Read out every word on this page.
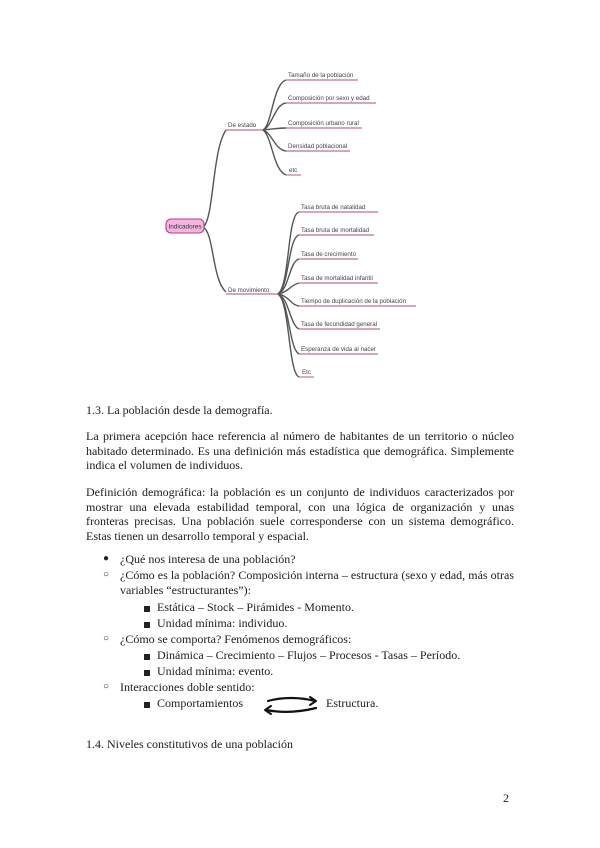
Indicadores
De estado
De movimiento
Tamaño de la población
Composición por sexo y edad
Composición urbano rural
Densidad poblacional
etc
Tasa bruta de natalidad
Tasa bruta de mortalidad
Tasa de crecimiento
Tasa de mortalidad infantil
Tiempo de duplicación de la población
Tasa de fecundidad general
Esperanza de vida al nacer
Etc
1.3. La población desde la demografía.
La primera acepción hace referencia al número de habitantes de un territorio o núcleo habitado determinado. Es una definición más estadística que demográfica. Simplemente indica el volumen de individuos.
Definición demográfica: la población es un conjunto de individuos caracterizados por mostrar una elevada estabilidad temporal, con una lógica de organización y unas fronteras precisas. Una población suele corresponderse con un sistema demográfico. Estas tienen un desarrollo temporal y espacial.
● ¿Qué nos interesa de una población?
○ ¿Cómo es la población? Composición interna – estructura (sexo y edad, más otras variables “estructurantes”):
Estática – Stock – Pirámides - Momento.
Unidad mínima: individuo.
○ ¿Cómo se comporta? Fenómenos demográficos:
Dinámica – Crecimiento – Flujos – Procesos - Tasas – Período.
Unidad mínima: evento.
○ Interacciones doble sentido:
Comportamientos	Estructura.
1.4. Niveles constitutivos de una población
2
